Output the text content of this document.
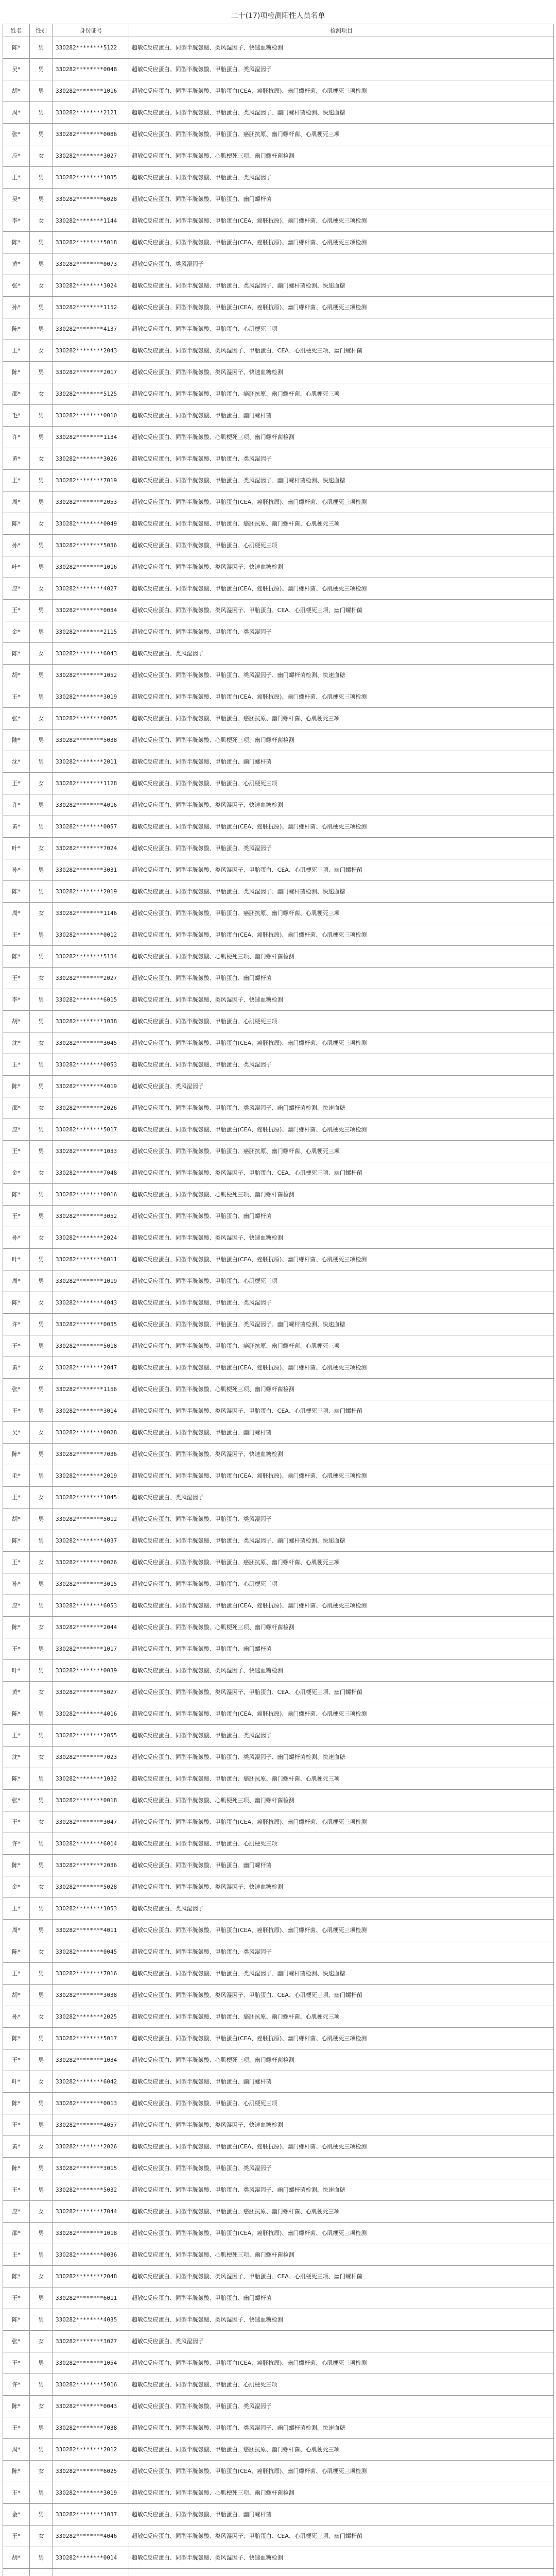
二十(17)项检测阳性人员名单
姓名	性别	身份证号	检测项目
陈*	男	330282********5122	超敏C反应蛋白、同型半胱氨酸、类风湿因子、快速血糖检测
吴*	男	330282********0048	超敏C反应蛋白、同型半胱氨酸、甲胎蛋白、类风湿因子
胡*	男	330282********1016	超敏C反应蛋白、同型半胱氨酸、甲胎蛋白(CEA、癌胚抗原)、幽门螺杆菌、心肌梗死三项检测
周*	男	330282********2121	超敏C反应蛋白、同型半胱氨酸、甲胎蛋白、类风湿因子、幽门螺杆菌检测、快速血糖
张*	男	330282********0086	超敏C反应蛋白、同型半胱氨酸、甲胎蛋白、癌胚抗原、幽门螺杆菌、心肌梗死三项
应*	女	330282********3027	超敏C反应蛋白、同型半胱氨酸、心肌梗死三项、幽门螺杆菌检测
王*	男	330282********1035	超敏C反应蛋白、同型半胱氨酸、甲胎蛋白、类风湿因子
吴*	男	330282********6028	超敏C反应蛋白、同型半胱氨酸、甲胎蛋白、幽门螺杆菌
李*	女	330282********1144	超敏C反应蛋白、同型半胱氨酸、甲胎蛋白(CEA、癌胚抗原)、幽门螺杆菌、心肌梗死三项检测
陈*	男	330282********5018	超敏C反应蛋白、同型半胱氨酸、甲胎蛋白(CEA、癌胚抗原)、幽门螺杆菌、心肌梗死三项检测
黄*	男	330282********0073	超敏C反应蛋白、类风湿因子
张*	女	330282********3024	超敏C反应蛋白、同型半胱氨酸、甲胎蛋白、类风湿因子、幽门螺杆菌检测、快速血糖
孙*	男	330282********1152	超敏C反应蛋白、同型半胱氨酸、甲胎蛋白(CEA、癌胚抗原)、幽门螺杆菌、心肌梗死三项检测
陈*	男	330282********4137	超敏C反应蛋白、同型半胱氨酸、甲胎蛋白、心肌梗死三项
王*	女	330282********2043	超敏C反应蛋白、同型半胱氨酸、类风湿因子、甲胎蛋白、CEA、心肌梗死三项、幽门螺杆菌
陈*	男	330282********2017	超敏C反应蛋白、同型半胱氨酸、类风湿因子、快速血糖检测
邵*	女	330282********5125	超敏C反应蛋白、同型半胱氨酸、甲胎蛋白、癌胚抗原、幽门螺杆菌、心肌梗死三项
毛*	男	330282********0010	超敏C反应蛋白、同型半胱氨酸、甲胎蛋白、幽门螺杆菌
许*	男	330282********1134	超敏C反应蛋白、同型半胱氨酸、心肌梗死三项、幽门螺杆菌检测
黄*	女	330282********3026	超敏C反应蛋白、同型半胱氨酸、甲胎蛋白、类风湿因子
王*	男	330282********7019	超敏C反应蛋白、同型半胱氨酸、甲胎蛋白、类风湿因子、幽门螺杆菌检测、快速血糖
周*	男	330282********2053	超敏C反应蛋白、同型半胱氨酸、甲胎蛋白(CEA、癌胚抗原)、幽门螺杆菌、心肌梗死三项检测
陈*	女	330282********0049	超敏C反应蛋白、同型半胱氨酸、甲胎蛋白、癌胚抗原、幽门螺杆菌、心肌梗死三项
孙*	男	330282********5036	超敏C反应蛋白、同型半胱氨酸、甲胎蛋白、心肌梗死三项
叶*	男	330282********1016	超敏C反应蛋白、同型半胱氨酸、类风湿因子、快速血糖检测
应*	女	330282********4027	超敏C反应蛋白、同型半胱氨酸、甲胎蛋白(CEA、癌胚抗原)、幽门螺杆菌、心肌梗死三项检测
王*	男	330282********0034	超敏C反应蛋白、同型半胱氨酸、类风湿因子、甲胎蛋白、CEA、心肌梗死三项、幽门螺杆菌
金*	男	330282********2115	超敏C反应蛋白、同型半胱氨酸、甲胎蛋白、类风湿因子
陈*	女	330282********6043	超敏C反应蛋白、类风湿因子
胡*	男	330282********1052	超敏C反应蛋白、同型半胱氨酸、甲胎蛋白、类风湿因子、幽门螺杆菌检测、快速血糖
王*	男	330282********3019	超敏C反应蛋白、同型半胱氨酸、甲胎蛋白(CEA、癌胚抗原)、幽门螺杆菌、心肌梗死三项检测
张*	女	330282********0025	超敏C反应蛋白、同型半胱氨酸、甲胎蛋白、癌胚抗原、幽门螺杆菌、心肌梗死三项
陆*	男	330282********5038	超敏C反应蛋白、同型半胱氨酸、心肌梗死三项、幽门螺杆菌检测
沈*	男	330282********2011	超敏C反应蛋白、同型半胱氨酸、甲胎蛋白、幽门螺杆菌
王*	女	330282********1128	超敏C反应蛋白、同型半胱氨酸、甲胎蛋白、心肌梗死三项
许*	男	330282********4016	超敏C反应蛋白、同型半胱氨酸、类风湿因子、快速血糖检测
黄*	男	330282********0057	超敏C反应蛋白、同型半胱氨酸、甲胎蛋白(CEA、癌胚抗原)、幽门螺杆菌、心肌梗死三项检测
叶*	女	330282********7024	超敏C反应蛋白、同型半胱氨酸、甲胎蛋白、类风湿因子
孙*	男	330282********3031	超敏C反应蛋白、同型半胱氨酸、类风湿因子、甲胎蛋白、CEA、心肌梗死三项、幽门螺杆菌
陈*	男	330282********2019	超敏C反应蛋白、同型半胱氨酸、甲胎蛋白、类风湿因子、幽门螺杆菌检测、快速血糖
周*	女	330282********1146	超敏C反应蛋白、同型半胱氨酸、甲胎蛋白、癌胚抗原、幽门螺杆菌、心肌梗死三项
王*	男	330282********0012	超敏C反应蛋白、同型半胱氨酸、甲胎蛋白(CEA、癌胚抗原)、幽门螺杆菌、心肌梗死三项检测
陈*	男	330282********5134	超敏C反应蛋白、同型半胱氨酸、心肌梗死三项、幽门螺杆菌检测
王*	女	330282********2027	超敏C反应蛋白、同型半胱氨酸、甲胎蛋白、幽门螺杆菌
李*	男	330282********6015	超敏C反应蛋白、同型半胱氨酸、类风湿因子、快速血糖检测
胡*	男	330282********1038	超敏C反应蛋白、同型半胱氨酸、甲胎蛋白、心肌梗死三项
沈*	女	330282********3045	超敏C反应蛋白、同型半胱氨酸、甲胎蛋白(CEA、癌胚抗原)、幽门螺杆菌、心肌梗死三项检测
王*	男	330282********0053	超敏C反应蛋白、同型半胱氨酸、甲胎蛋白、类风湿因子
陈*	男	330282********4019	超敏C反应蛋白、类风湿因子
邵*	女	330282********2026	超敏C反应蛋白、同型半胱氨酸、甲胎蛋白、类风湿因子、幽门螺杆菌检测、快速血糖
应*	男	330282********5017	超敏C反应蛋白、同型半胱氨酸、甲胎蛋白(CEA、癌胚抗原)、幽门螺杆菌、心肌梗死三项检测
王*	男	330282********1033	超敏C反应蛋白、同型半胱氨酸、甲胎蛋白、癌胚抗原、幽门螺杆菌、心肌梗死三项
金*	女	330282********7048	超敏C反应蛋白、同型半胱氨酸、类风湿因子、甲胎蛋白、CEA、心肌梗死三项、幽门螺杆菌
陈*	男	330282********0016	超敏C反应蛋白、同型半胱氨酸、心肌梗死三项、幽门螺杆菌检测
王*	男	330282********3052	超敏C反应蛋白、同型半胱氨酸、甲胎蛋白、幽门螺杆菌
孙*	女	330282********2024	超敏C反应蛋白、同型半胱氨酸、类风湿因子、快速血糖检测
叶*	男	330282********6011	超敏C反应蛋白、同型半胱氨酸、甲胎蛋白(CEA、癌胚抗原)、幽门螺杆菌、心肌梗死三项检测
周*	男	330282********1019	超敏C反应蛋白、同型半胱氨酸、甲胎蛋白、心肌梗死三项
陈*	女	330282********4043	超敏C反应蛋白、同型半胱氨酸、甲胎蛋白、类风湿因子
许*	男	330282********0035	超敏C反应蛋白、同型半胱氨酸、甲胎蛋白、类风湿因子、幽门螺杆菌检测、快速血糖
王*	男	330282********5018	超敏C反应蛋白、同型半胱氨酸、甲胎蛋白、癌胚抗原、幽门螺杆菌、心肌梗死三项
黄*	女	330282********2047	超敏C反应蛋白、同型半胱氨酸、甲胎蛋白(CEA、癌胚抗原)、幽门螺杆菌、心肌梗死三项检测
张*	男	330282********1156	超敏C反应蛋白、同型半胱氨酸、心肌梗死三项、幽门螺杆菌检测
王*	男	330282********3014	超敏C反应蛋白、同型半胱氨酸、类风湿因子、甲胎蛋白、CEA、心肌梗死三项、幽门螺杆菌
吴*	女	330282********0028	超敏C反应蛋白、同型半胱氨酸、甲胎蛋白、幽门螺杆菌
陈*	男	330282********7036	超敏C反应蛋白、同型半胱氨酸、类风湿因子、快速血糖检测
毛*	男	330282********2019	超敏C反应蛋白、同型半胱氨酸、甲胎蛋白(CEA、癌胚抗原)、幽门螺杆菌、心肌梗死三项检测
王*	女	330282********1045	超敏C反应蛋白、类风湿因子
胡*	男	330282********5012	超敏C反应蛋白、同型半胱氨酸、甲胎蛋白、类风湿因子
陈*	男	330282********4037	超敏C反应蛋白、同型半胱氨酸、甲胎蛋白、类风湿因子、幽门螺杆菌检测、快速血糖
王*	女	330282********0026	超敏C反应蛋白、同型半胱氨酸、甲胎蛋白、癌胚抗原、幽门螺杆菌、心肌梗死三项
孙*	男	330282********3015	超敏C反应蛋白、同型半胱氨酸、甲胎蛋白、心肌梗死三项
应*	男	330282********6053	超敏C反应蛋白、同型半胱氨酸、甲胎蛋白(CEA、癌胚抗原)、幽门螺杆菌、心肌梗死三项检测
陈*	女	330282********2044	超敏C反应蛋白、同型半胱氨酸、心肌梗死三项、幽门螺杆菌检测
王*	男	330282********1017	超敏C反应蛋白、同型半胱氨酸、甲胎蛋白、幽门螺杆菌
叶*	男	330282********0039	超敏C反应蛋白、同型半胱氨酸、类风湿因子、快速血糖检测
黄*	女	330282********5027	超敏C反应蛋白、同型半胱氨酸、类风湿因子、甲胎蛋白、CEA、心肌梗死三项、幽门螺杆菌
陈*	男	330282********4016	超敏C反应蛋白、同型半胱氨酸、甲胎蛋白(CEA、癌胚抗原)、幽门螺杆菌、心肌梗死三项检测
王*	男	330282********2055	超敏C反应蛋白、同型半胱氨酸、甲胎蛋白、类风湿因子
沈*	女	330282********7023	超敏C反应蛋白、同型半胱氨酸、甲胎蛋白、类风湿因子、幽门螺杆菌检测、快速血糖
陈*	男	330282********1032	超敏C反应蛋白、同型半胱氨酸、甲胎蛋白、癌胚抗原、幽门螺杆菌、心肌梗死三项
张*	男	330282********0018	超敏C反应蛋白、同型半胱氨酸、心肌梗死三项、幽门螺杆菌检测
王*	女	330282********3047	超敏C反应蛋白、同型半胱氨酸、甲胎蛋白(CEA、癌胚抗原)、幽门螺杆菌、心肌梗死三项检测
许*	男	330282********6014	超敏C反应蛋白、同型半胱氨酸、甲胎蛋白、心肌梗死三项
陈*	男	330282********2036	超敏C反应蛋白、同型半胱氨酸、甲胎蛋白、幽门螺杆菌
金*	女	330282********5028	超敏C反应蛋白、同型半胱氨酸、类风湿因子、快速血糖检测
王*	男	330282********1053	超敏C反应蛋白、类风湿因子
周*	男	330282********4011	超敏C反应蛋白、同型半胱氨酸、甲胎蛋白(CEA、癌胚抗原)、幽门螺杆菌、心肌梗死三项检测
陈*	女	330282********0045	超敏C反应蛋白、同型半胱氨酸、甲胎蛋白、类风湿因子
王*	男	330282********7016	超敏C反应蛋白、同型半胱氨酸、甲胎蛋白、类风湿因子、幽门螺杆菌检测、快速血糖
胡*	男	330282********3038	超敏C反应蛋白、同型半胱氨酸、类风湿因子、甲胎蛋白、CEA、心肌梗死三项、幽门螺杆菌
孙*	女	330282********2025	超敏C反应蛋白、同型半胱氨酸、甲胎蛋白、癌胚抗原、幽门螺杆菌、心肌梗死三项
陈*	男	330282********5017	超敏C反应蛋白、同型半胱氨酸、甲胎蛋白(CEA、癌胚抗原)、幽门螺杆菌、心肌梗死三项检测
王*	男	330282********1034	超敏C反应蛋白、同型半胱氨酸、心肌梗死三项、幽门螺杆菌检测
叶*	女	330282********6042	超敏C反应蛋白、同型半胱氨酸、甲胎蛋白、幽门螺杆菌
陈*	男	330282********0013	超敏C反应蛋白、同型半胱氨酸、甲胎蛋白、心肌梗死三项
王*	男	330282********4057	超敏C反应蛋白、同型半胱氨酸、类风湿因子、快速血糖检测
黄*	女	330282********2026	超敏C反应蛋白、同型半胱氨酸、甲胎蛋白(CEA、癌胚抗原)、幽门螺杆菌、心肌梗死三项检测
陈*	男	330282********3015	超敏C反应蛋白、同型半胱氨酸、甲胎蛋白、类风湿因子
王*	男	330282********5032	超敏C反应蛋白、同型半胱氨酸、甲胎蛋白、类风湿因子、幽门螺杆菌检测、快速血糖
应*	女	330282********7044	超敏C反应蛋白、同型半胱氨酸、甲胎蛋白、癌胚抗原、幽门螺杆菌、心肌梗死三项
邵*	男	330282********1018	超敏C反应蛋白、同型半胱氨酸、甲胎蛋白(CEA、癌胚抗原)、幽门螺杆菌、心肌梗死三项检测
王*	男	330282********0036	超敏C反应蛋白、同型半胱氨酸、心肌梗死三项、幽门螺杆菌检测
陈*	女	330282********2048	超敏C反应蛋白、同型半胱氨酸、类风湿因子、甲胎蛋白、CEA、心肌梗死三项、幽门螺杆菌
王*	男	330282********6011	超敏C反应蛋白、同型半胱氨酸、甲胎蛋白、幽门螺杆菌
陈*	男	330282********4035	超敏C反应蛋白、同型半胱氨酸、类风湿因子、快速血糖检测
张*	女	330282********3027	超敏C反应蛋白、类风湿因子
王*	男	330282********1054	超敏C反应蛋白、同型半胱氨酸、甲胎蛋白(CEA、癌胚抗原)、幽门螺杆菌、心肌梗死三项检测
许*	男	330282********5016	超敏C反应蛋白、同型半胱氨酸、甲胎蛋白、心肌梗死三项
陈*	女	330282********0043	超敏C反应蛋白、同型半胱氨酸、甲胎蛋白、类风湿因子
王*	男	330282********7038	超敏C反应蛋白、同型半胱氨酸、甲胎蛋白、类风湿因子、幽门螺杆菌检测、快速血糖
周*	男	330282********2012	超敏C反应蛋白、同型半胱氨酸、甲胎蛋白、癌胚抗原、幽门螺杆菌、心肌梗死三项
陈*	女	330282********6025	超敏C反应蛋白、同型半胱氨酸、甲胎蛋白(CEA、癌胚抗原)、幽门螺杆菌、心肌梗死三项检测
王*	男	330282********3019	超敏C反应蛋白、同型半胱氨酸、心肌梗死三项、幽门螺杆菌检测
金*	男	330282********1037	超敏C反应蛋白、同型半胱氨酸、甲胎蛋白、幽门螺杆菌
王*	女	330282********4046	超敏C反应蛋白、同型半胱氨酸、类风湿因子、甲胎蛋白、CEA、心肌梗死三项、幽门螺杆菌
胡*	男	330282********0014	超敏C反应蛋白、同型半胱氨酸、类风湿因子、快速血糖检测
